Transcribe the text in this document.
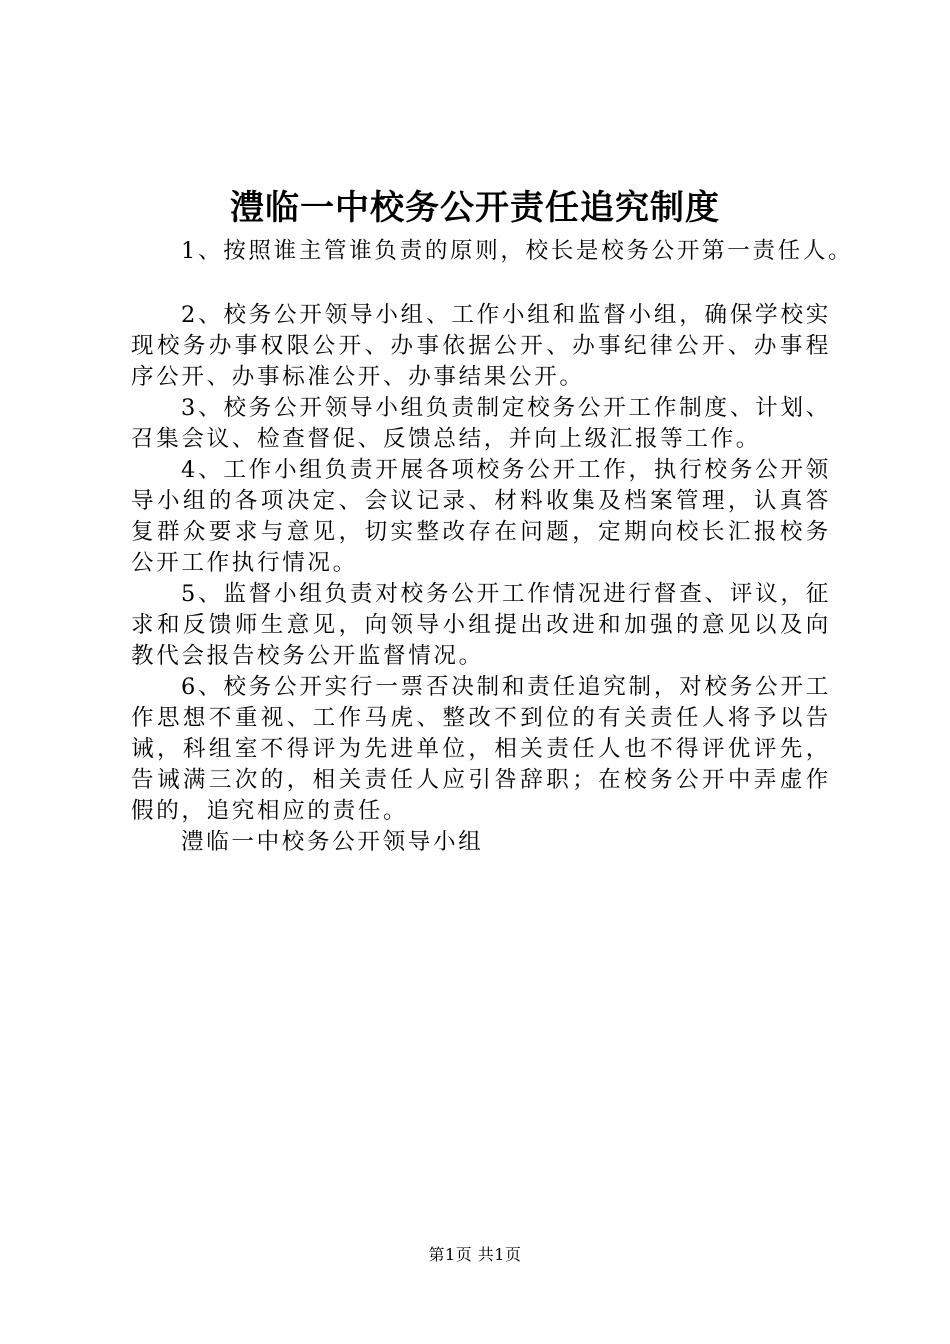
澧临一中校务公开责任追究制度

1、按照谁主管谁负责的原则，校长是校务公开第一责任人。

2、校务公开领导小组、工作小组和监督小组，确保学校实现校务办事权限公开、办事依据公开、办事纪律公开、办事程序公开、办事标准公开、办事结果公开。

3、校务公开领导小组负责制定校务公开工作制度、计划、召集会议、检查督促、反馈总结，并向上级汇报等工作。

4、工作小组负责开展各项校务公开工作，执行校务公开领导小组的各项决定、会议记录、材料收集及档案管理，认真答复群众要求与意见，切实整改存在问题，定期向校长汇报校务公开工作执行情况。

5、监督小组负责对校务公开工作情况进行督查、评议，征求和反馈师生意见，向领导小组提出改进和加强的意见以及向教代会报告校务公开监督情况。

6、校务公开实行一票否决制和责任追究制，对校务公开工作思想不重视、工作马虎、整改不到位的有关责任人将予以告诫，科组室不得评为先进单位，相关责任人也不得评优评先，告诫满三次的，相关责任人应引咎辞职；在校务公开中弄虚作假的，追究相应的责任。

澧临一中校务公开领导小组

第1页 共1页
